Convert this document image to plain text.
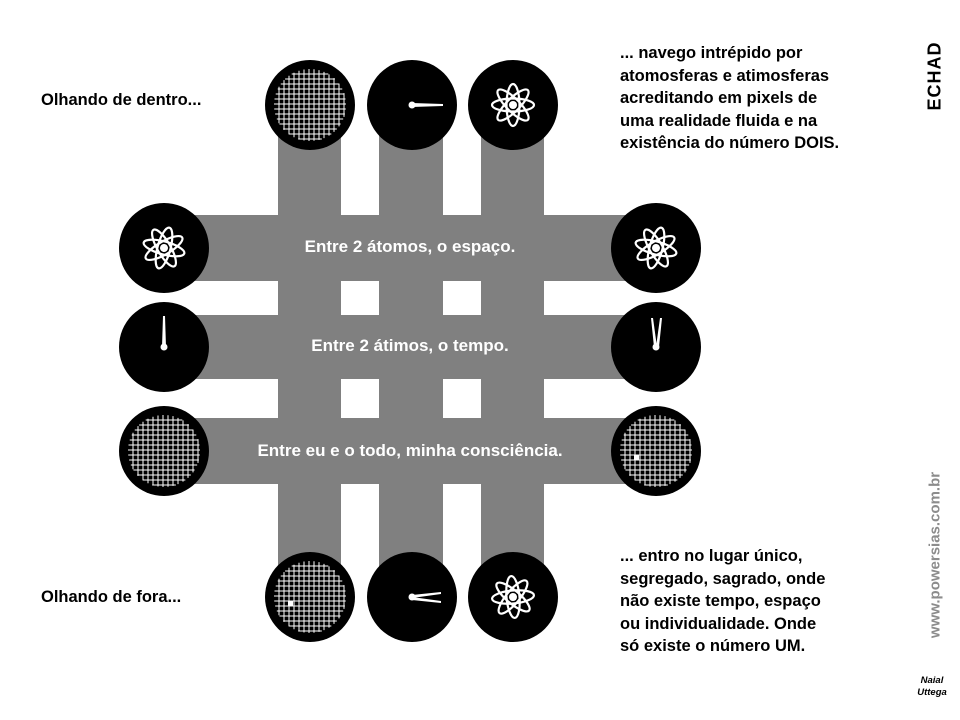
Entre 2 átomos, o espaço.
Entre 2 átimos, o tempo.
Entre eu e o todo, minha consciência.
Olhando de dentro...
Olhando de fora...
... navego intrépido por
atomosferas e atimosferas
acreditando em pixels de
uma realidade fluida e na
existência do número DOIS.
... entro no lugar único,
segregado, sagrado, onde
não existe tempo, espaço
ou individualidade. Onde
só existe o número UM.
ECHAD
www.powersias.com.br
Naial
Uttega
